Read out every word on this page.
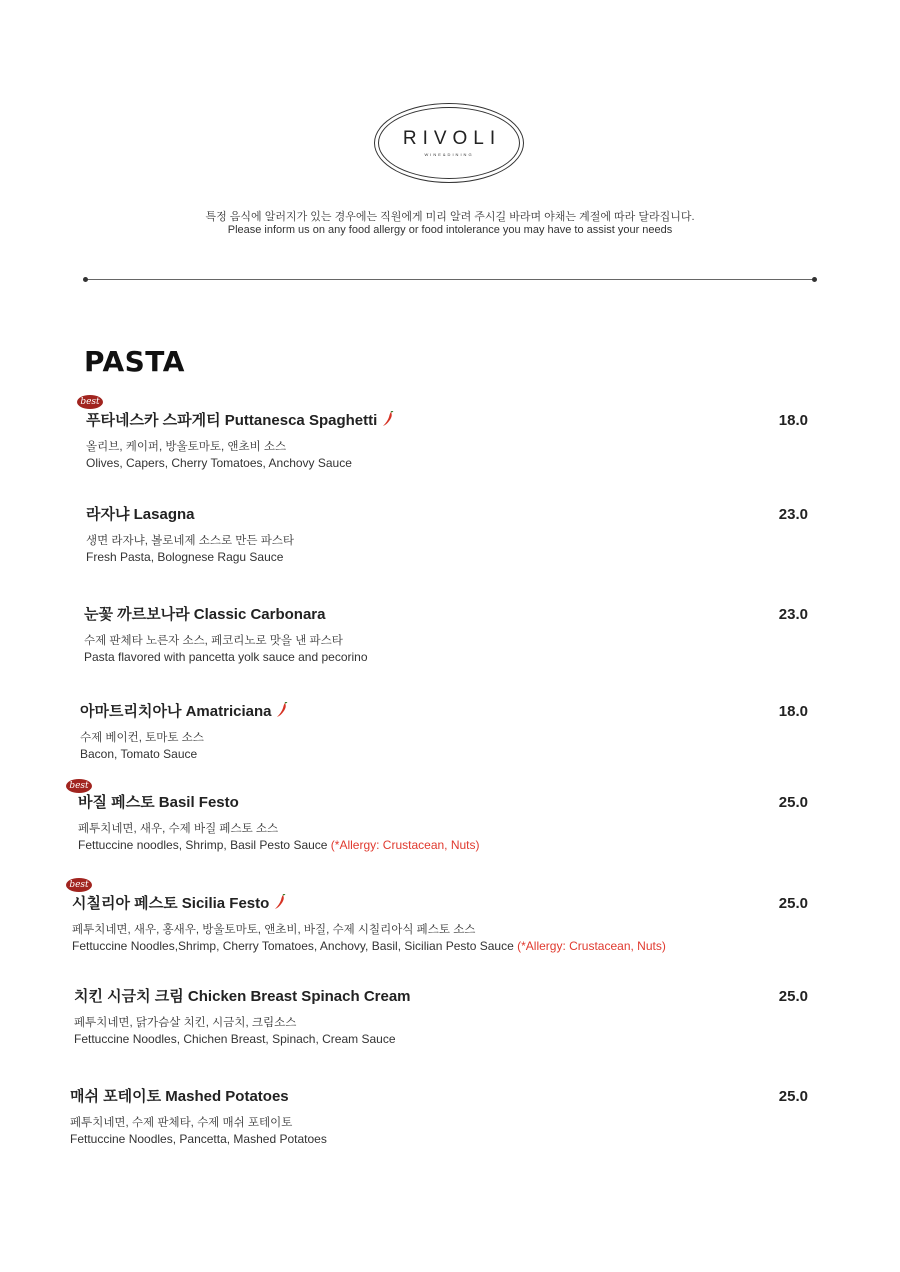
RIVOLI
WINE&DINING
특정 음식에 알러지가 있는 경우에는 직원에게 미리 알려 주시길 바라며 야채는 계절에 따라 달라집니다.
Please inform us on any food allergy or food intolerance you may have to assist your needs
PASTA
푸타네스카 스파게티 Puttanesca Spaghetti
올리브, 케이퍼, 방울토마토, 앤초비 소스
Olives, Capers, Cherry Tomatoes, Anchovy Sauce
18.0
best
라자냐 Lasagna
생면 라자냐, 볼로네제 소스로 만든 파스타
Fresh Pasta, Bolognese Ragu Sauce
23.0
눈꽃 까르보나라 Classic Carbonara
수제 판체타 노른자 소스, 페코리노로 맛을 낸 파스타
Pasta flavored with pancetta yolk sauce and pecorino
23.0
아마트리치아나 Amatriciana
수제 베이컨, 토마토 소스
Bacon, Tomato Sauce
18.0
바질 페스토 Basil Festo
페투치네면, 새우, 수제 바질 페스토 소스
Fettuccine noodles, Shrimp, Basil Pesto Sauce (*Allergy: Crustacean, Nuts)
25.0
best
시칠리아 페스토 Sicilia Festo
페투치네면, 새우, 홍새우, 방울토마토, 앤초비, 바질, 수제 시칠리아식 페스토 소스
Fettuccine Noodles,Shrimp, Cherry Tomatoes, Anchovy, Basil, Sicilian Pesto Sauce (*Allergy: Crustacean, Nuts)
25.0
best
치킨 시금치 크림 Chicken Breast Spinach Cream
페투치네면, 닭가슴살 치킨, 시금치, 크림소스
Fettuccine Noodles, Chichen Breast, Spinach, Cream Sauce
25.0
매쉬 포테이토 Mashed Potatoes
페투치네면, 수제 판체타, 수제 매쉬 포테이토
Fettuccine Noodles, Pancetta, Mashed Potatoes
25.0
